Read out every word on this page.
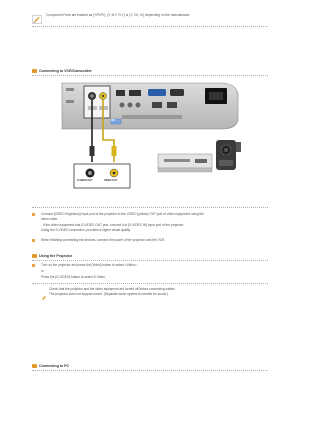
Component Ports are marked as (Y/Pr/Pr), (Y, B-Y, R-Y) or (Y, Cb, Cr) depending on the manufacturer.
Connecting to VCR/Camcorder
OR
S-VIDEO OUT	VIDEO OUT
Connect [VIDEO IN(yellow)] input port of the projector to the VIDEO (yellow) OUT port of video equipment using the
video cable.
- If the video equipment has S-VIDEO OUT port, connect it to [S-VIDEO IN] input port of the projector.
Using the S-VIDEO connection, provides a higher visual quality.
When finishing connecting the devices, connect the power of the projector and the VCR.
Using the Projector
Turn on the projector and press the [Video] button to select <Video>.
or
Press the [S-VIDEO] button to select S-Video.
Check that the projector and the video equipment are turned off before connecting cables.
The projector does not support sound. (Separate audio system is needed for sound.)
Connecting to PC
